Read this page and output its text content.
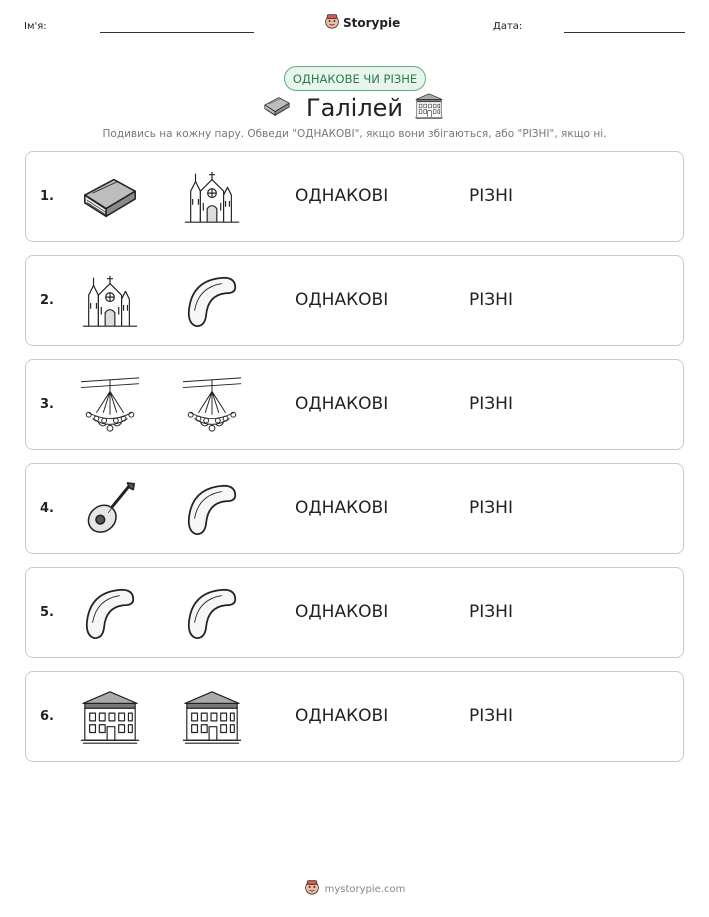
Ім'я:	Storypie	Дата:
ОДНАКОВЕ ЧИ РІЗНЕ
Галілей
Подивись на кожну пару. Обведи "ОДНАКОВІ", якщо вони збігаються, або "РІЗНІ", якщо ні.
1.	ОДНАКОВІ	РІЗНІ
2.	ОДНАКОВІ	РІЗНІ
3.	ОДНАКОВІ	РІЗНІ
4.	ОДНАКОВІ	РІЗНІ
5.	ОДНАКОВІ	РІЗНІ
6.	ОДНАКОВІ	РІЗНІ
mystorypie.com
